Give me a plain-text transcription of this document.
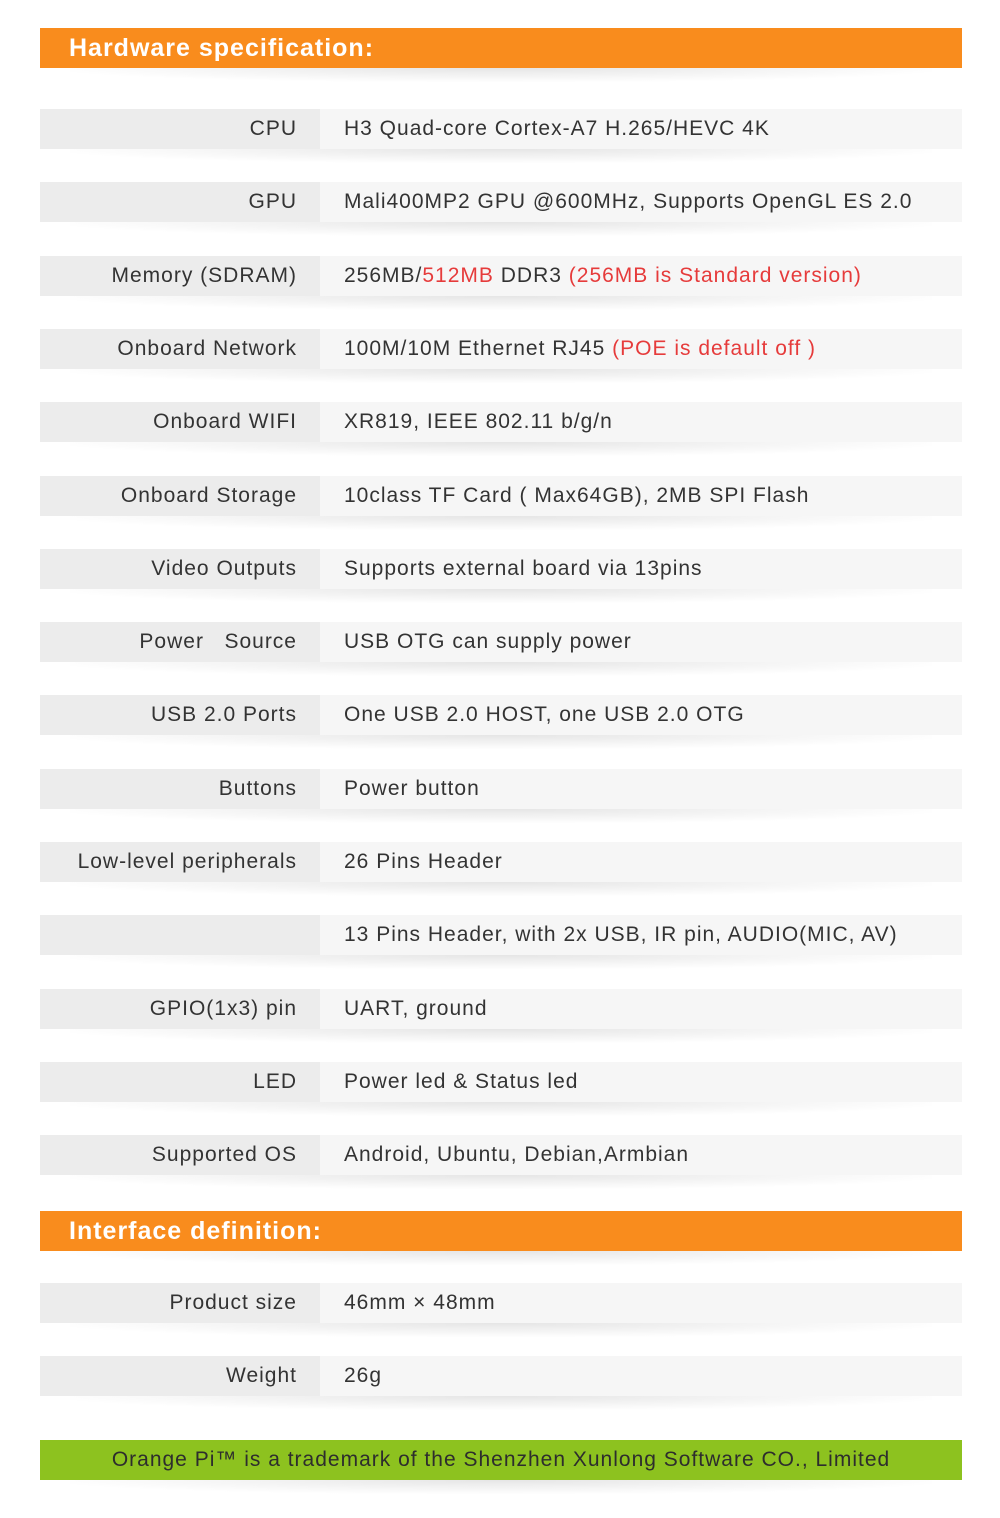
Hardware specification:
CPU H3 Quad-core Cortex-A7 H.265/HEVC 4K
GPU Mali400MP2 GPU @600MHz, Supports OpenGL ES 2.0
Memory (SDRAM) 256MB/512MB DDR3 (256MB is Standard version)
Onboard Network 100M/10M Ethernet RJ45 (POE is default off )
Onboard WIFI XR819, IEEE 802.11 b/g/n
Onboard Storage 10class TF Card ( Max64GB), 2MB SPI Flash
Video Outputs Supports external board via 13pins
Power   Source USB OTG can supply power
USB 2.0 Ports One USB 2.0 HOST, one USB 2.0 OTG
Buttons Power button
Low-level peripherals 26 Pins Header
13 Pins Header, with 2x USB, IR pin, AUDIO(MIC, AV)
GPIO(1x3) pin UART, ground
LED Power led & Status led
Supported OS Android, Ubuntu, Debian,Armbian
Interface definition:
Product size 46mm × 48mm
Weight 26g
Orange Pi™ is a trademark of the Shenzhen Xunlong Software CO., Limited
